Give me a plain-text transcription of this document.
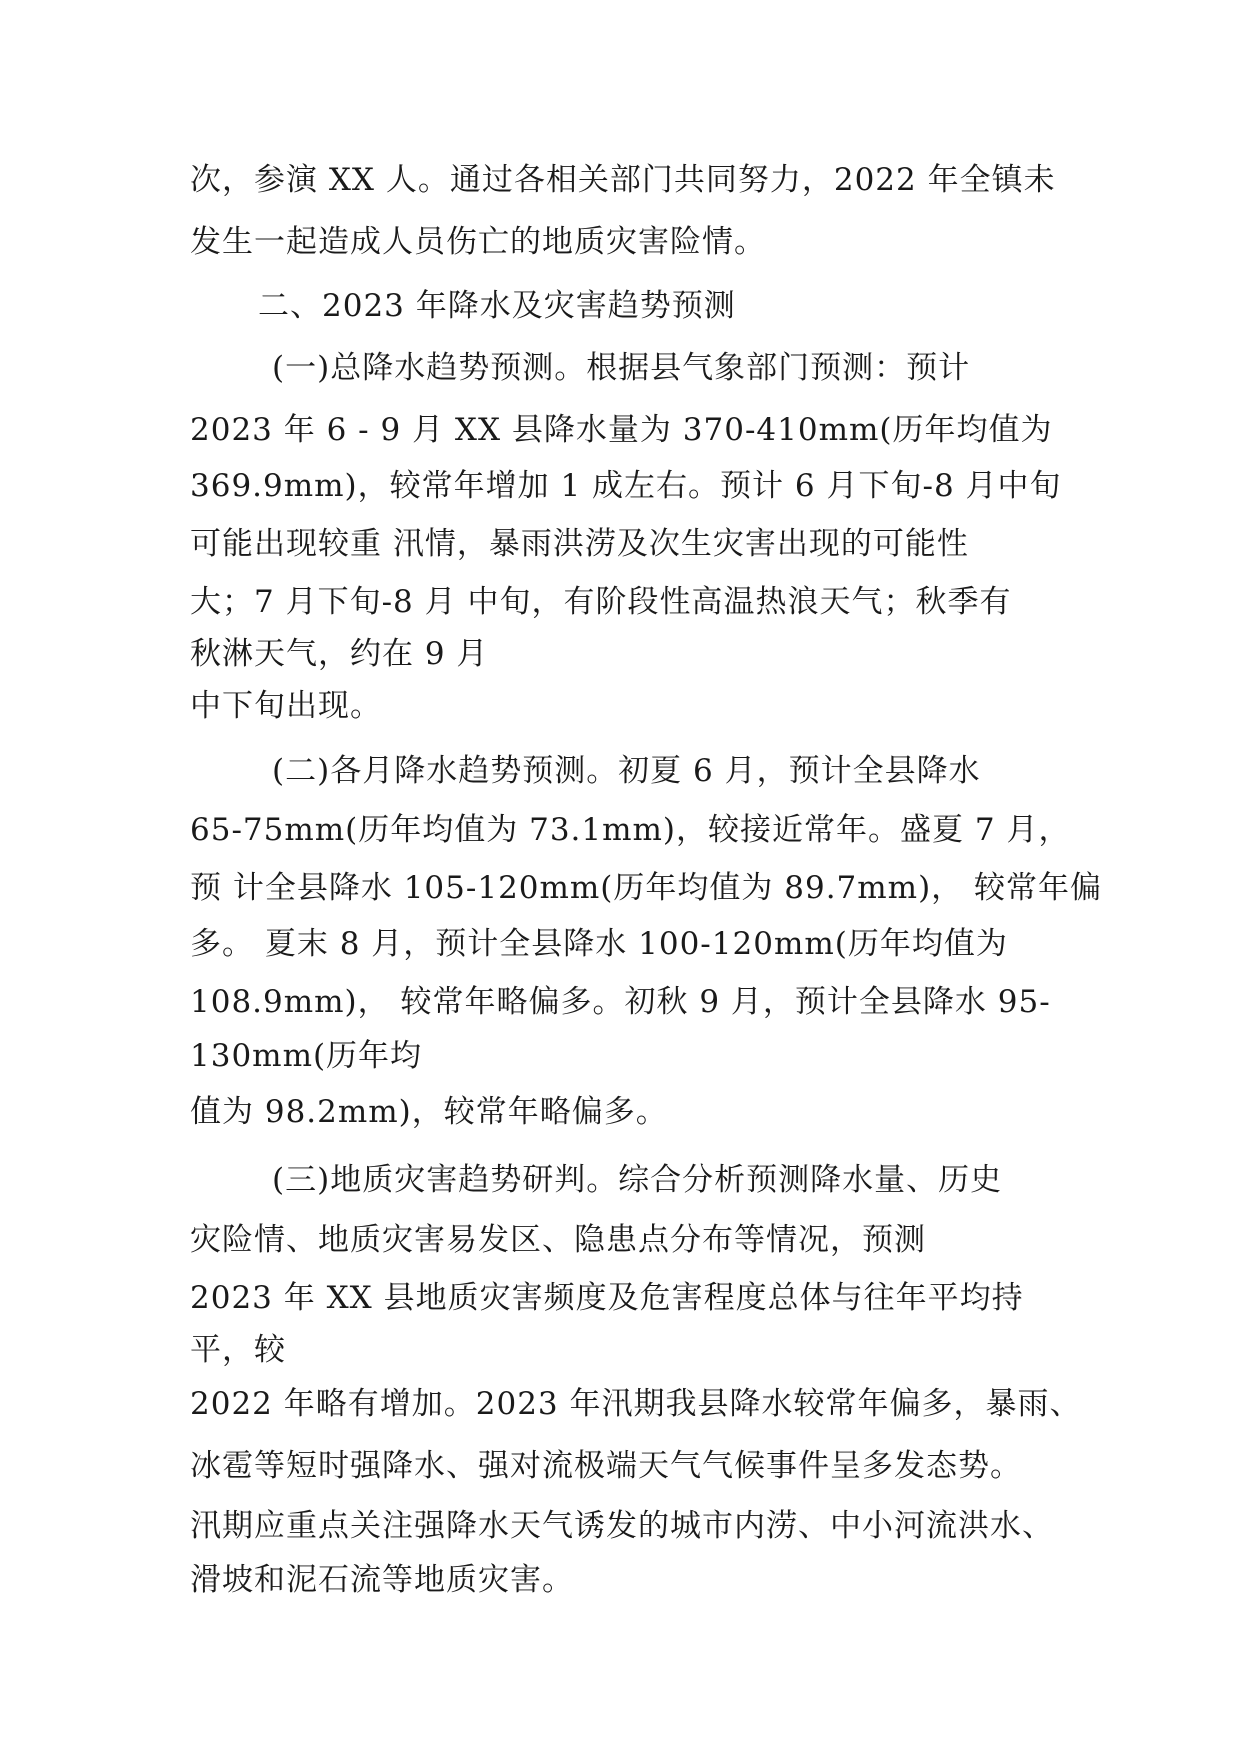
次，参演 XX 人。通过各相关部门共同努力，2022 年全镇未
发生一起造成人员伤亡的地质灾害险情。
二、2023 年降水及灾害趋势预测
(一)总降水趋势预测。根据县气象部门预测：预计
2023 年 6 - 9 月 XX 县降水量为 370-410mm(历年均值为
369.9mm)，较常年增加 1 成左右。预计 6 月下旬-8 月中旬
可能出现较重 汛情，暴雨洪涝及次生灾害出现的可能性
大；7 月下旬-8 月 中旬，有阶段性高温热浪天气；秋季有
秋淋天气，约在 9 月
中下旬出现。
(二)各月降水趋势预测。初夏 6 月，预计全县降水
65-75mm(历年均值为 73.1mm)，较接近常年。盛夏 7 月，
预 计全县降水 105-120mm(历年均值为 89.7mm)， 较常年偏
多。 夏末 8 月，预计全县降水 100-120mm(历年均值为
108.9mm)， 较常年略偏多。初秋 9 月，预计全县降水 95-
130mm(历年均
值为 98.2mm)，较常年略偏多。
(三)地质灾害趋势研判。综合分析预测降水量、历史
灾险情、地质灾害易发区、隐患点分布等情况，预测
2023 年 XX 县地质灾害频度及危害程度总体与往年平均持
平，较
2022 年略有增加。2023 年汛期我县降水较常年偏多，暴雨、
冰雹等短时强降水、强对流极端天气气候事件呈多发态势。
汛期应重点关注强降水天气诱发的城市内涝、中小河流洪水、
滑坡和泥石流等地质灾害。
